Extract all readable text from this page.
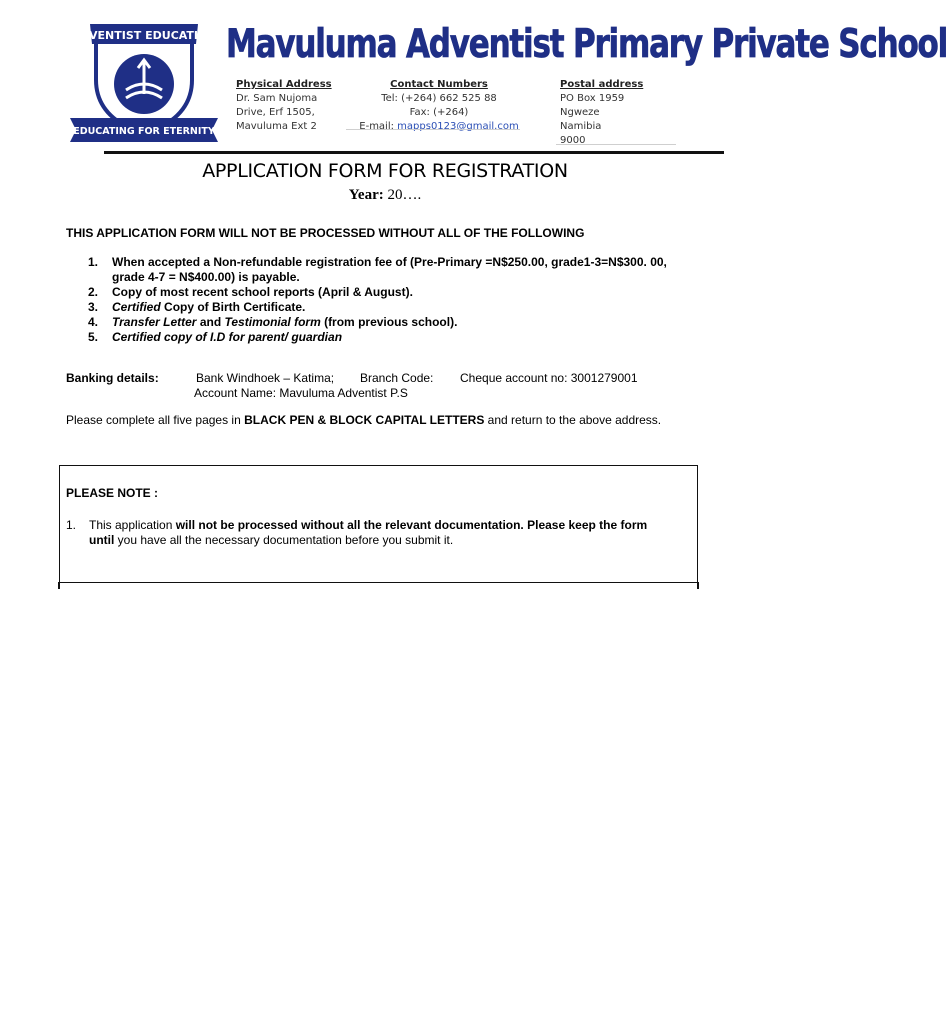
ADVENTIST EDUCATION
EDUCATING FOR ETERNITY
Mavuluma Adventist Primary Private School
Physical Address
Dr. Sam Nujoma
Drive, Erf 1505,
Mavuluma Ext 2
Contact Numbers
Tel: (+264) 662 525 88
Fax: (+264)
E-mail: mapps0123@gmail.com
Postal address
PO Box 1959
Ngweze
Namibia
9000
APPLICATION FORM FOR REGISTRATION
Year: 20….
THIS APPLICATION FORM WILL NOT BE PROCESSED WITHOUT ALL OF THE FOLLOWING
1. When accepted a Non-refundable registration fee of (Pre-Primary =N$250.00, grade1-3=N$300. 00,
grade 4-7 = N$400.00) is payable.
2. Copy of most recent school reports (April & August).
3. Certified Copy of Birth Certificate.
4. Transfer Letter and Testimonial form (from previous school).
5. Certified copy of I.D for parent/ guardian
Banking details:	Bank Windhoek – Katima; Branch Code: Cheque account no: 3001279001
Account Name: Mavuluma Adventist P.S
Please complete all five pages in BLACK PEN & BLOCK CAPITAL LETTERS and return to the above address.
PLEASE NOTE :
1.	This application will not be processed without all the relevant documentation. Please keep the form
until you have all the necessary documentation before you submit it.
